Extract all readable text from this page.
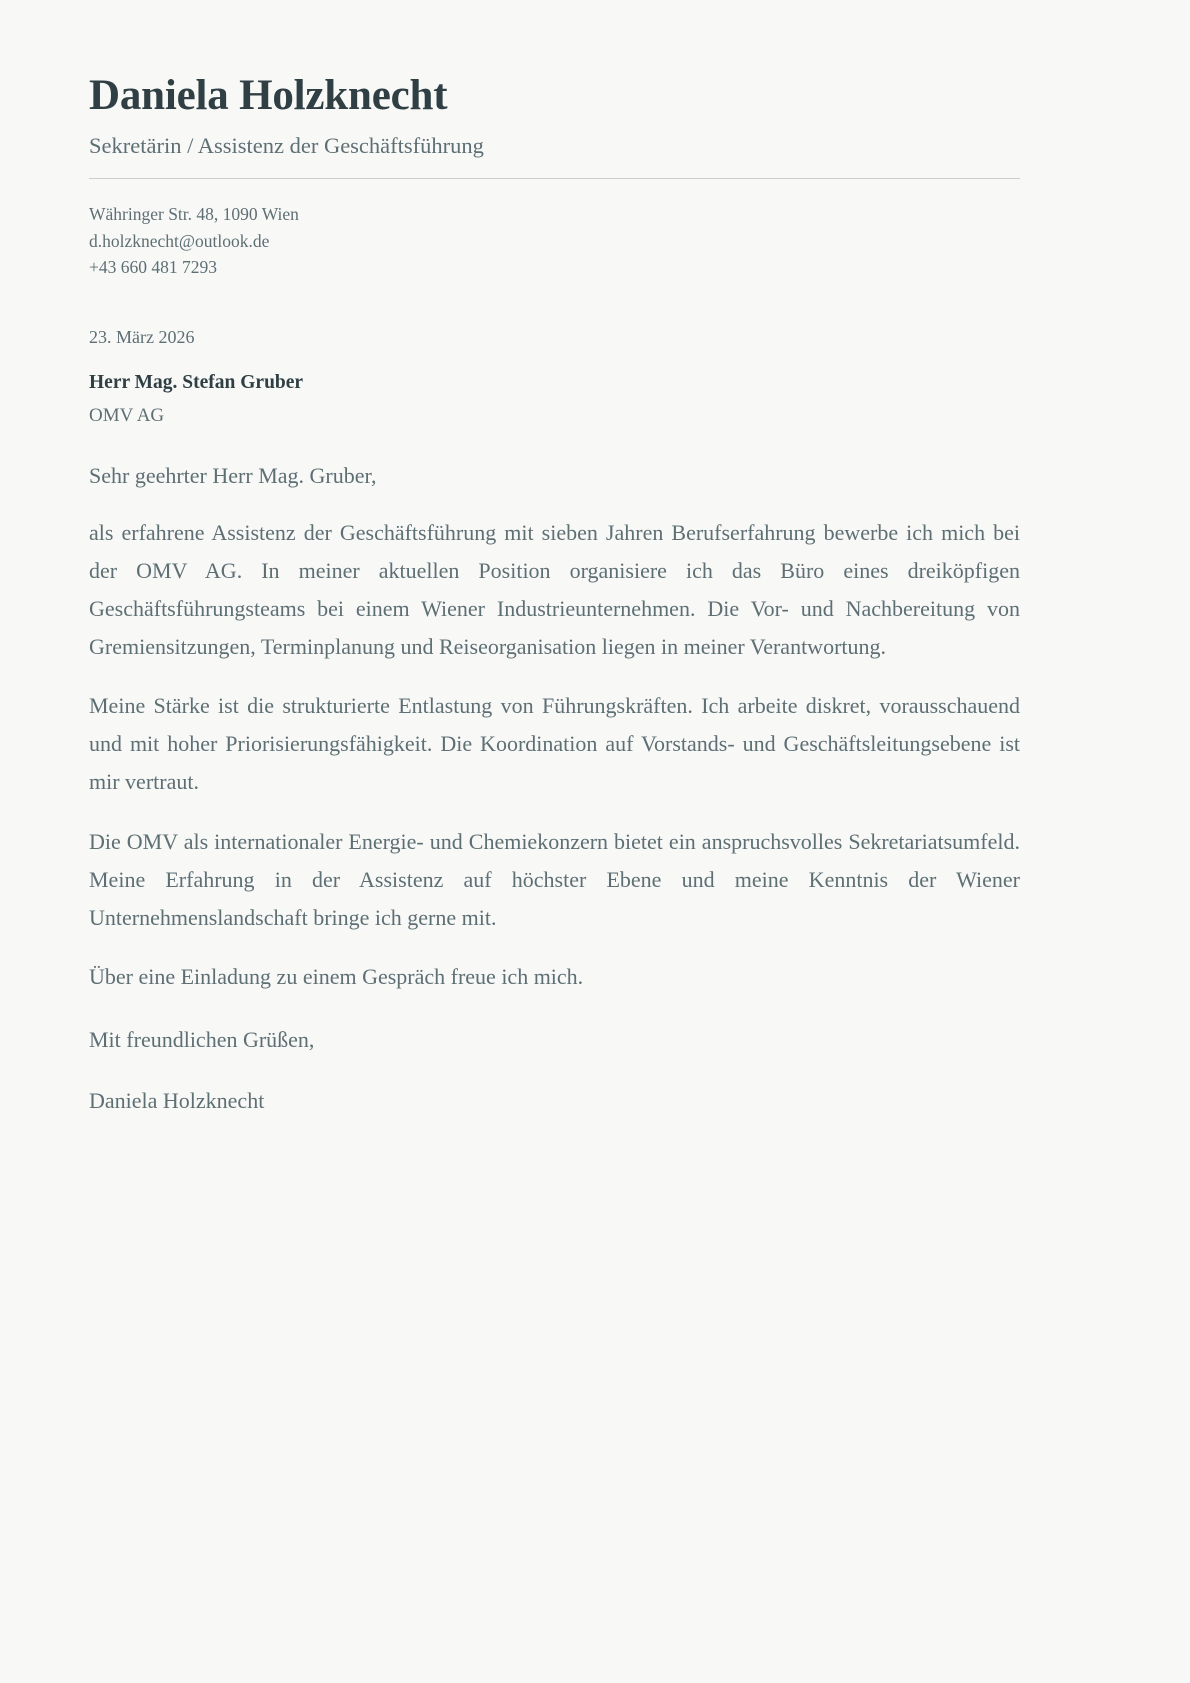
Daniela Holzknecht
Sekretärin / Assistenz der Geschäftsführung
Währinger Str. 48, 1090 Wien
d.holzknecht@outlook.de
+43 660 481 7293
23. März 2026
Herr Mag. Stefan Gruber
OMV AG
Sehr geehrter Herr Mag. Gruber,

als erfahrene Assistenz der Geschäftsführung mit sieben Jahren Berufserfahrung bewerbe ich mich bei der OMV AG. In meiner aktuellen Position organisiere ich das Büro eines dreiköpfigen Geschäftsführungsteams bei einem Wiener Industrieunternehmen. Die Vor- und Nachbereitung von Gremiensitzungen, Terminplanung und Reiseorganisation liegen in meiner Verantwortung.

Meine Stärke ist die strukturierte Entlastung von Führungskräften. Ich arbeite diskret, vorausschauend und mit hoher Priorisierungsfähigkeit. Die Koordination auf Vorstands- und Geschäftsleitungsebene ist mir vertraut.

Die OMV als internationaler Energie- und Chemiekonzern bietet ein anspruchsvolles Sekretariatsumfeld. Meine Erfahrung in der Assistenz auf höchster Ebene und meine Kenntnis der Wiener Unternehmenslandschaft bringe ich gerne mit.

Über eine Einladung zu einem Gespräch freue ich mich.

Mit freundlichen Grüßen,
Daniela Holzknecht
